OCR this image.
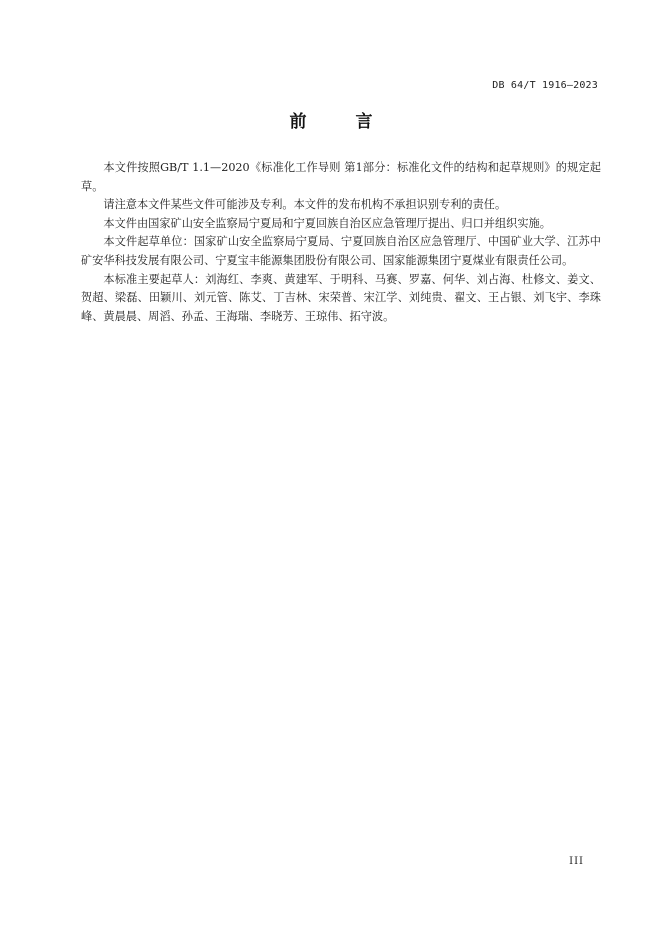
DB 64/T 1916—2023
前　言

本文件按照GB/T 1.1—2020《标准化工作导则 第1部分：标准化文件的结构和起草规则》的规定起草。

请注意本文件某些文件可能涉及专利。本文件的发布机构不承担识别专利的责任。

本文件由国家矿山安全监察局宁夏局和宁夏回族自治区应急管理厅提出、归口并组织实施。

本文件起草单位：国家矿山安全监察局宁夏局、宁夏回族自治区应急管理厅、中国矿业大学、江苏中矿安华科技发展有限公司、宁夏宝丰能源集团股份有限公司、国家能源集团宁夏煤业有限责任公司。

本标准主要起草人：刘海红、李爽、黄建军、于明科、马赛、罗嘉、何华、刘占海、杜修文、姜文、贺超、梁磊、田颖川、刘元管、陈艾、丁吉林、宋荣普、宋江学、刘纯贵、翟文、王占银、刘飞宇、李珠峰、黄晨晨、周滔、孙孟、王海瑞、李晓芳、王琼伟、拓守波。

III
